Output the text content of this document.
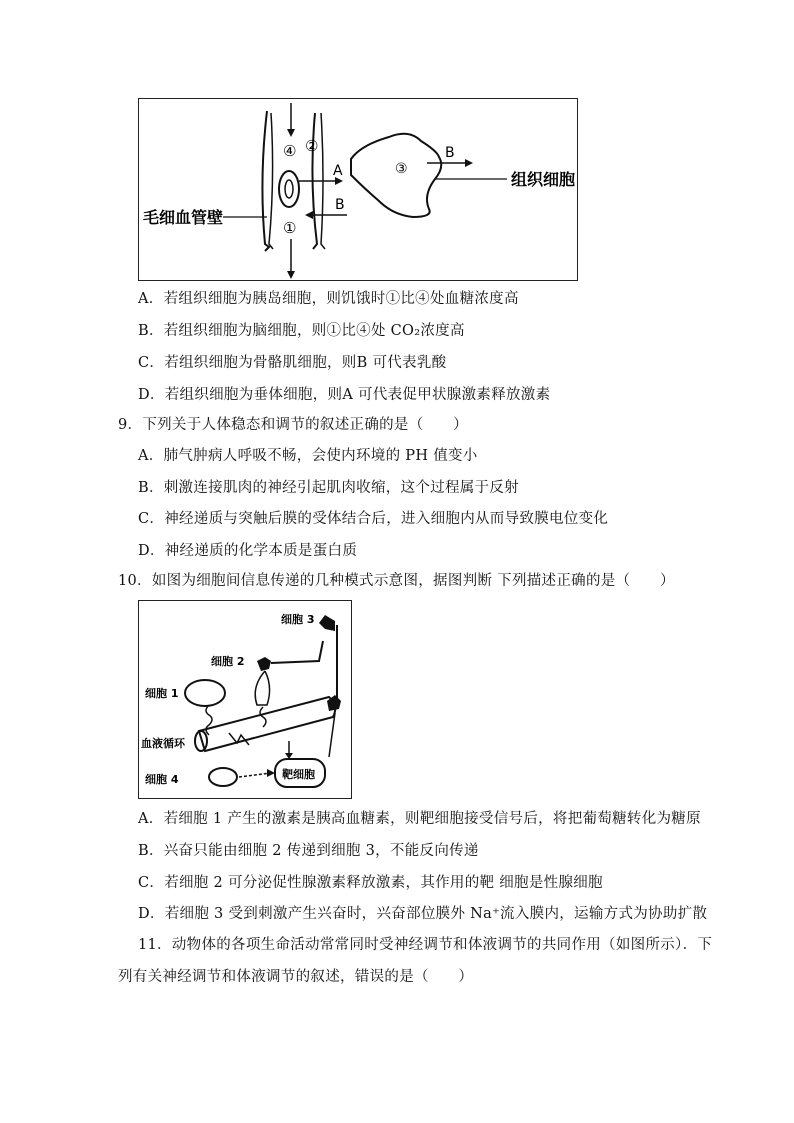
④ ②
③
①
A
B
B
组织细胞
毛细血管壁
A．若组织细胞为胰岛细胞，则饥饿时①比④处血糖浓度高
B．若组织细胞为脑细胞，则①比④处 CO₂浓度高
C．若组织细胞为骨骼肌细胞，则B 可代表乳酸
D．若组织细胞为垂体细胞，则A 可代表促甲状腺激素释放激素
9．下列关于人体稳态和调节的叙述正确的是（　　）
A．肺气肿病人呼吸不畅，会使内环境的 PH 值变小
B．刺激连接肌肉的神经引起肌肉收缩，这个过程属于反射
C．神经递质与突触后膜的受体结合后，进入细胞内从而导致膜电位变化
D．神经递质的化学本质是蛋白质
10．如图为细胞间信息传递的几种模式示意图，据图判断 下列描述正确的是（　　）
细胞 3
细胞 2
细胞 1
血液循环
细胞 4	靶细胞
A．若细胞 1 产生的激素是胰高血糖素，则靶细胞接受信号后，将把葡萄糖转化为糖原
B．兴奋只能由细胞 2 传递到细胞 3，不能反向传递
C．若细胞 2 可分泌促性腺激素释放激素，其作用的靶 细胞是性腺细胞
D．若细胞 3 受到刺激产生兴奋时，兴奋部位膜外 Na⁺流入膜内，运输方式为协助扩散
11．动物体的各项生命活动常常同时受神经调节和体液调节的共同作用（如图所示）．下
列有关神经调节和体液调节的叙述，错误的是（　　）
